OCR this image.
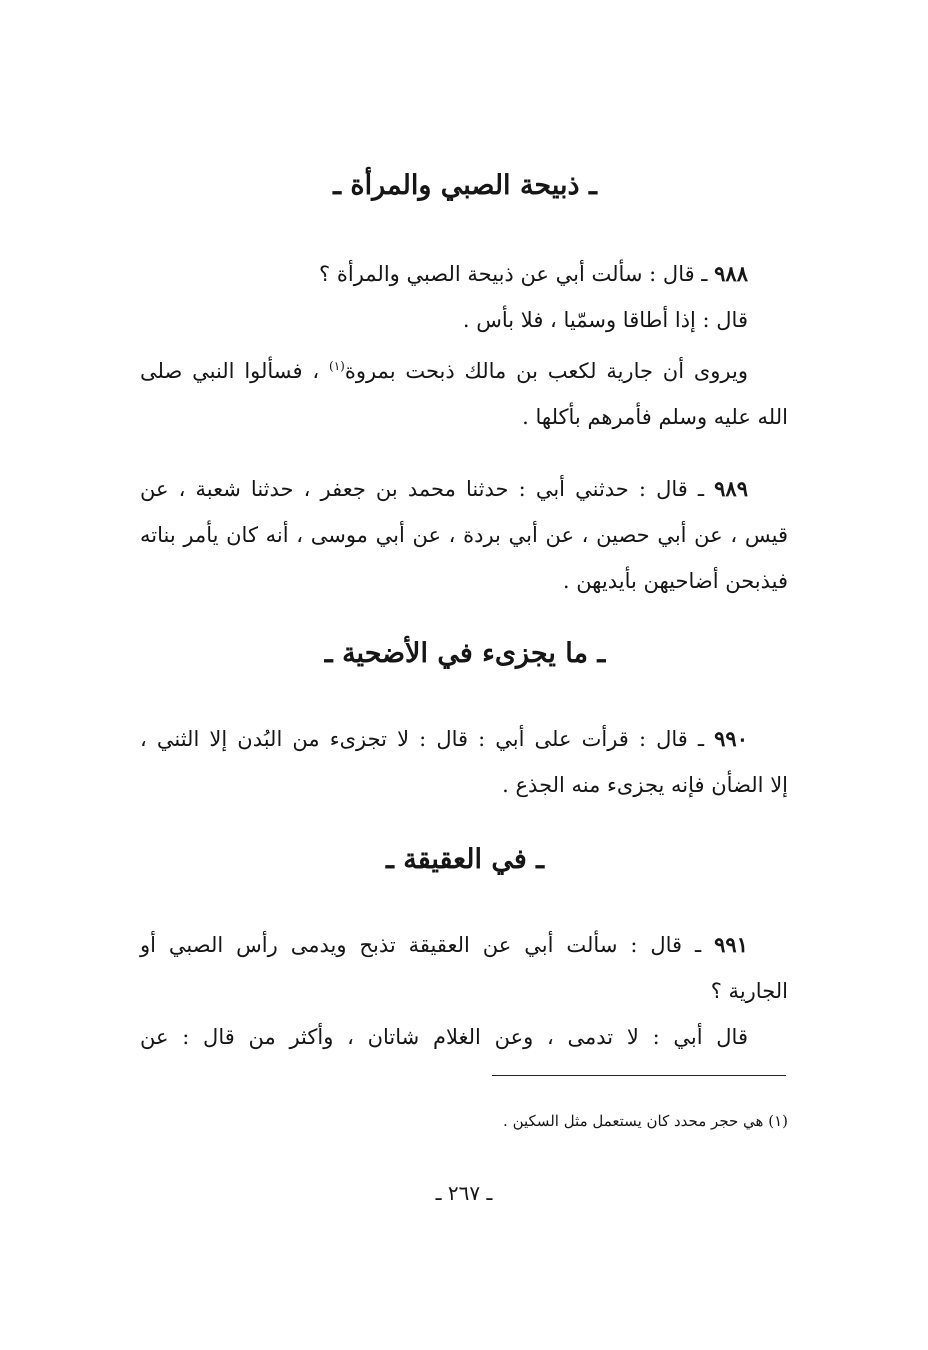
ـ ذبيحة الصبي والمرأة ـ
٩٨٨ ـ قال : سألت أبي عن ذبيحة الصبي والمرأة ؟
قال : إذا أطاقا وسمّيا ، فلا بأس .
ويروى أن جارية لكعب بن مالك ذبحت بمروة$^{(١)}$ ، فسألوا النبي صلى
الله عليه وسلم فأمرهم بأكلها .
٩٨٩ ـ قال : حدثني أبي : حدثنا محمد بن جعفر ، حدثنا شعبة ، عن
قيس ، عن أبي حصين ، عن أبي بردة ، عن أبي موسى ، أنه كان يأمر بناته
فيذبحن أضاحيهن بأيديهن .
ـ ما يجزىء في الأضحية ـ
٩٩٠ ـ قال : قرأت على أبي : قال : لا تجزىء من البُدن إلا الثني ،
إلا الضأن فإنه يجزىء منه الجذع .
ـ في العقيقة ـ
٩٩١ ـ قال : سألت أبي عن العقيقة تذبح ويدمى رأس الصبي أو
الجارية ؟
قال أبي : لا تدمى ، وعن الغلام شاتان ، وأكثر من قال : عن
(١) هي حجر محدد كان يستعمل مثل السكين .
ـ ٢٦٧ ـ
